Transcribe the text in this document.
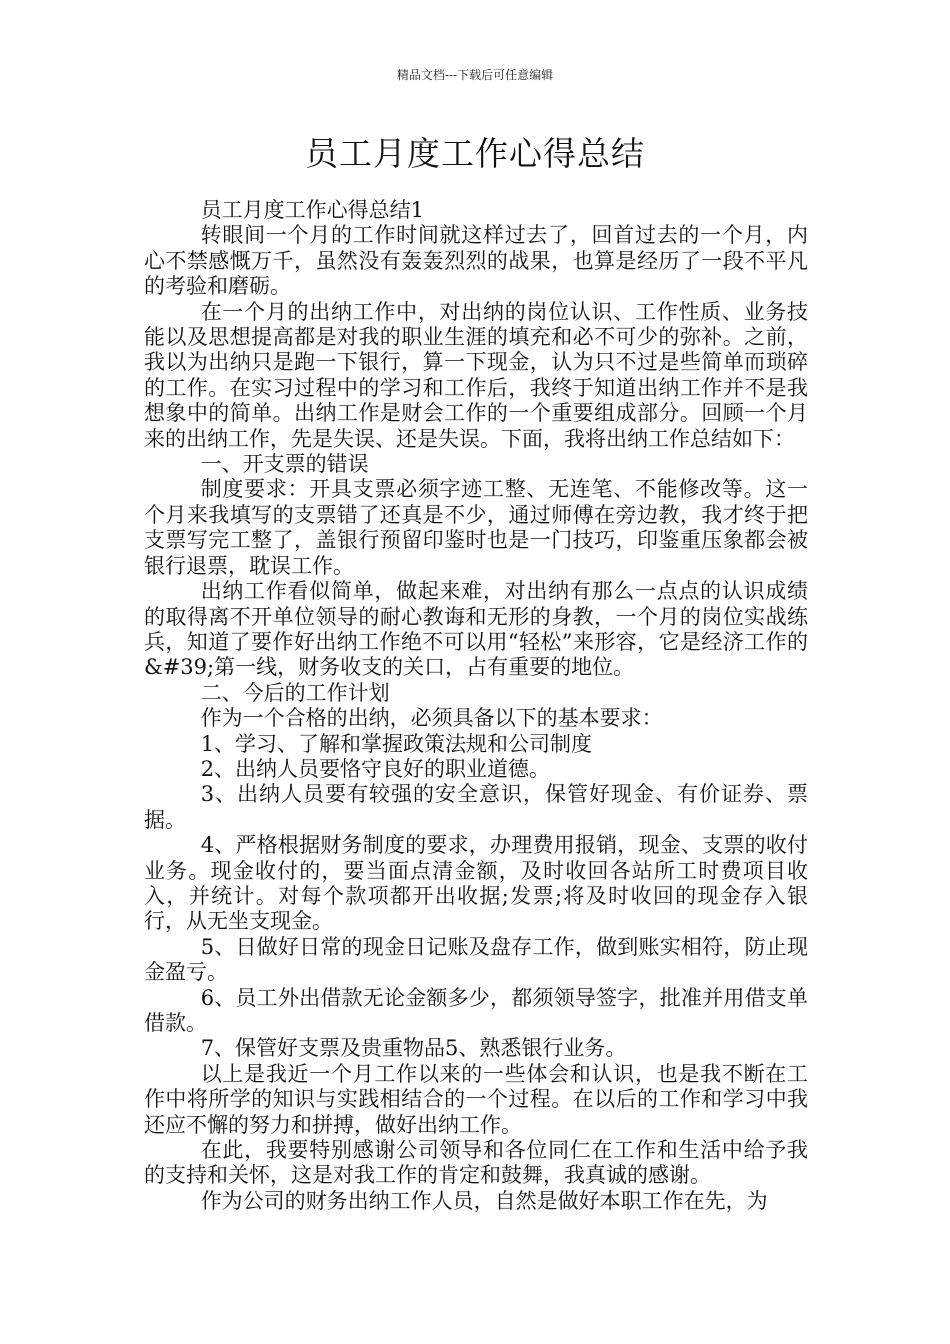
精品文档---下载后可任意编辑
员工月度工作心得总结

员工月度工作心得总结1

转眼间一个月的工作时间就这样过去了，回首过去的一个月，内心不禁感慨万千，虽然没有轰轰烈烈的战果，也算是经历了一段不平凡的考验和磨砺。

在一个月的出纳工作中，对出纳的岗位认识、工作性质、业务技能以及思想提高都是对我的职业生涯的填充和必不可少的弥补。之前，我以为出纳只是跑一下银行，算一下现金，认为只不过是些简单而琐碎的工作。在实习过程中的学习和工作后，我终于知道出纳工作并不是我想象中的简单。出纳工作是财会工作的一个重要组成部分。回顾一个月来的出纳工作，先是失误、还是失误。下面，我将出纳工作总结如下：

一、开支票的错误

制度要求：开具支票必须字迹工整、无连笔、不能修改等。这一个月来我填写的支票错了还真是不少，通过师傅在旁边教，我才终于把支票写完工整了，盖银行预留印鉴时也是一门技巧，印鉴重压象都会被银行退票，耽误工作。

出纳工作看似简单，做起来难，对出纳有那么一点点的认识成绩的取得离不开单位领导的耐心教诲和无形的身教，一个月的岗位实战练兵，知道了要作好出纳工作绝不可以用“轻松”来形容，它是经济工作的&#39;第一线，财务收支的关口，占有重要的地位。

二、今后的工作计划

作为一个合格的出纳，必须具备以下的基本要求：

1、学习、了解和掌握政策法规和公司制度

2、出纳人员要恪守良好的职业道德。

3、出纳人员要有较强的安全意识，保管好现金、有价证券、票据。

4、严格根据财务制度的要求，办理费用报销，现金、支票的收付业务。现金收付的，要当面点清金额，及时收回各站所工时费项目收入，并统计。对每个款项都开出收据;发票;将及时收回的现金存入银行，从无坐支现金。

5、日做好日常的现金日记账及盘存工作，做到账实相符，防止现金盈亏。

6、员工外出借款无论金额多少，都须领导签字，批准并用借支单借款。

7、保管好支票及贵重物品5、熟悉银行业务。

以上是我近一个月工作以来的一些体会和认识，也是我不断在工作中将所学的知识与实践相结合的一个过程。在以后的工作和学习中我还应不懈的努力和拼搏，做好出纳工作。

在此，我要特别感谢公司领导和各位同仁在工作和生活中给予我的支持和关怀，这是对我工作的肯定和鼓舞，我真诚的感谢。

作为公司的财务出纳工作人员，自然是做好本职工作在先，为
